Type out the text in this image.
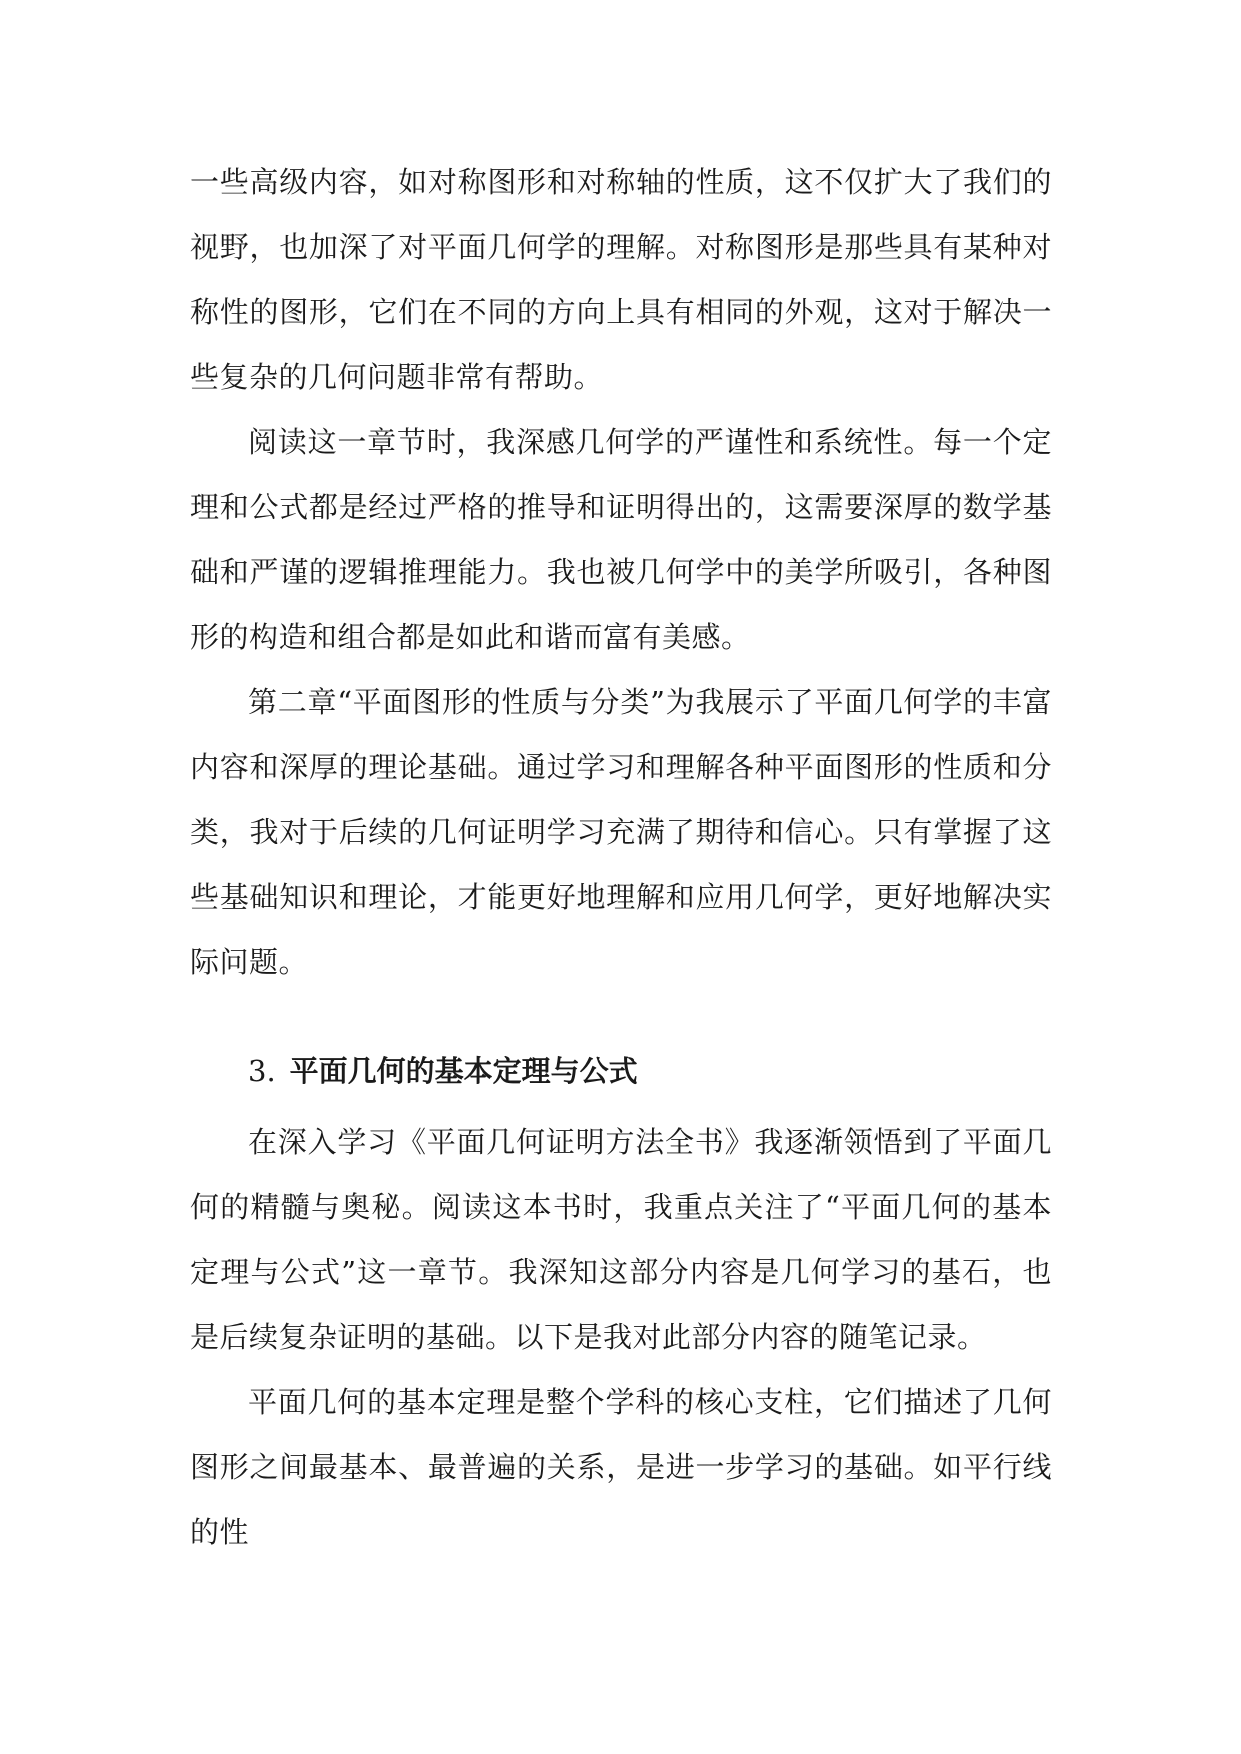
一些高级内容，如对称图形和对称轴的性质，这不仅扩大了我们的视野，也加深了对平面几何学的理解。对称图形是那些具有某种对称性的图形，它们在不同的方向上具有相同的外观，这对于解决一些复杂的几何问题非常有帮助。

阅读这一章节时，我深感几何学的严谨性和系统性。每一个定理和公式都是经过严格的推导和证明得出的，这需要深厚的数学基础和严谨的逻辑推理能力。我也被几何学中的美学所吸引，各种图形的构造和组合都是如此和谐而富有美感。

第二章“平面图形的性质与分类”为我展示了平面几何学的丰富内容和深厚的理论基础。通过学习和理解各种平面图形的性质和分类，我对于后续的几何证明学习充满了期待和信心。只有掌握了这些基础知识和理论，才能更好地理解和应用几何学，更好地解决实际问题。

3. 平面几何的基本定理与公式

在深入学习《平面几何证明方法全书》我逐渐领悟到了平面几何的精髓与奥秘。阅读这本书时，我重点关注了“平面几何的基本定理与公式”这一章节。我深知这部分内容是几何学习的基石，也是后续复杂证明的基础。以下是我对此部分内容的随笔记录。

平面几何的基本定理是整个学科的核心支柱，它们描述了几何图形之间最基本、最普遍的关系，是进一步学习的基础。如平行线的性
